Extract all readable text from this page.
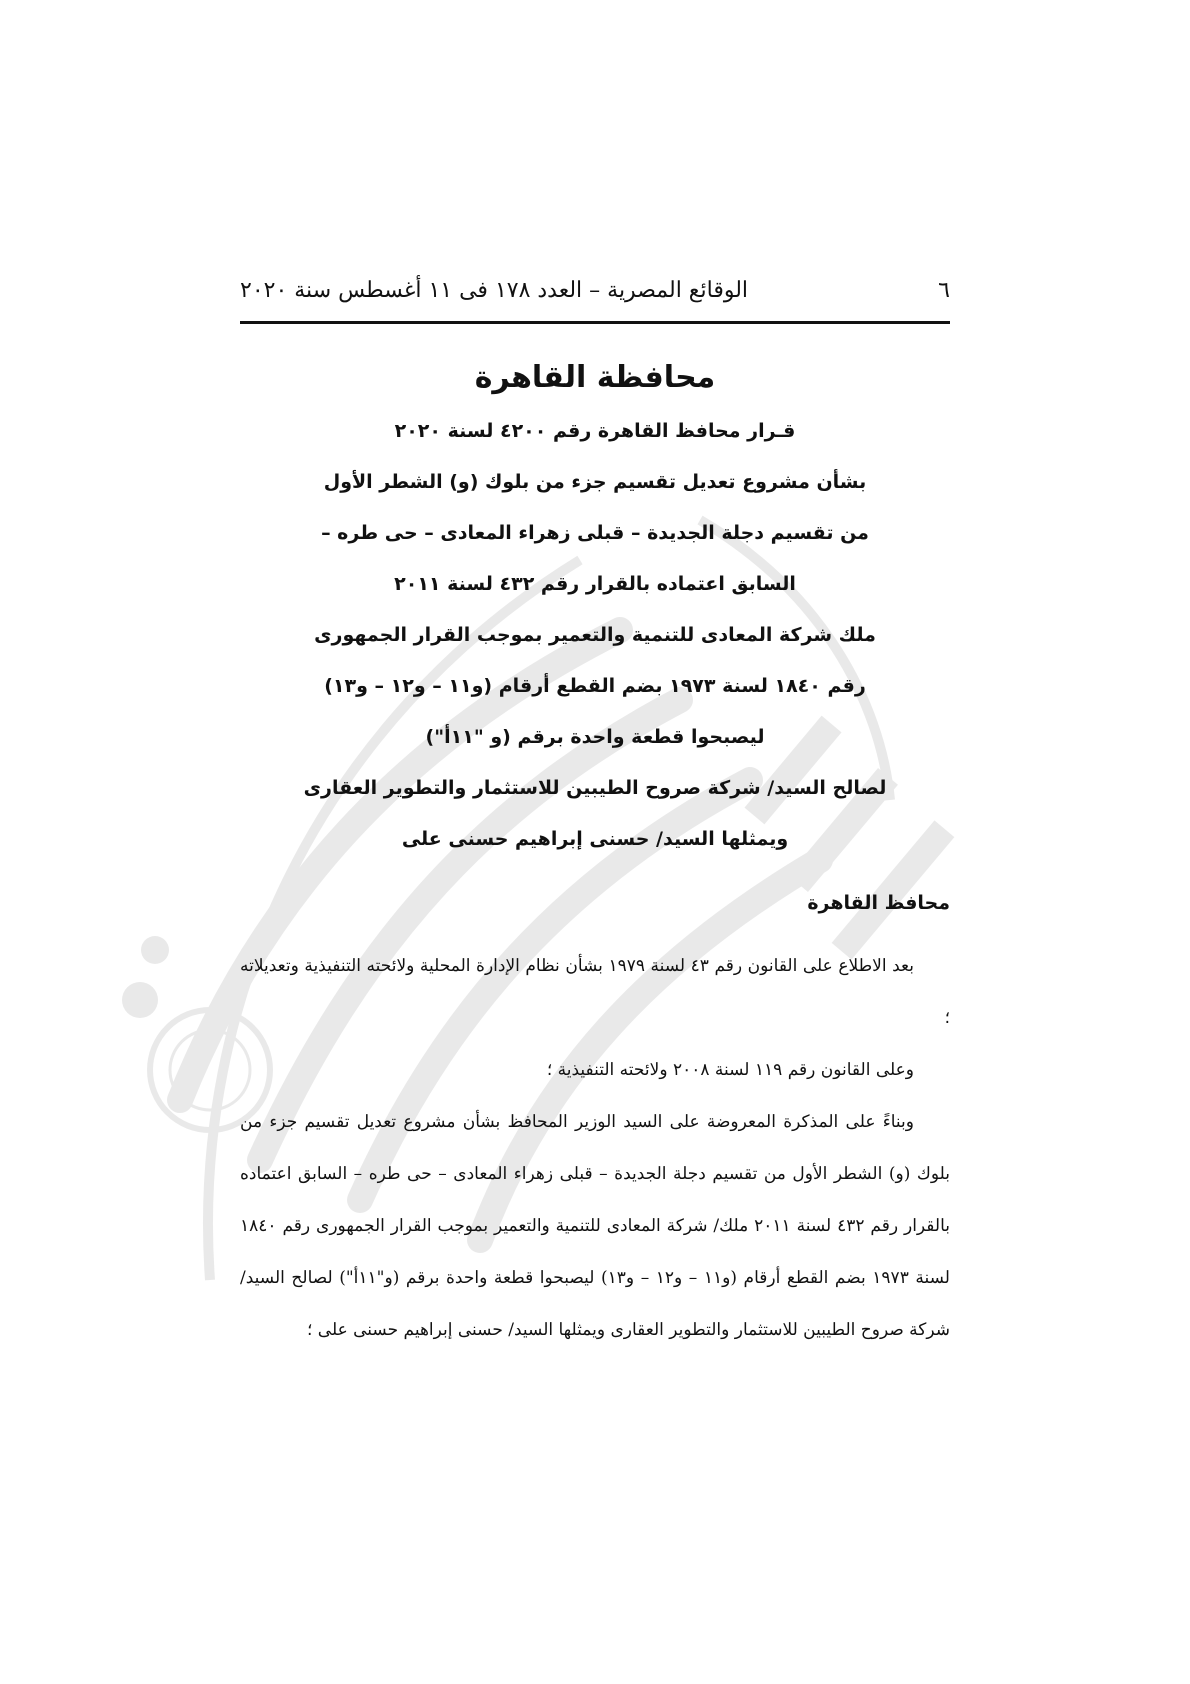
٦
الوقائع المصرية – العدد ١٧٨ فى ١١ أغسطس سنة ٢٠٢٠
محافظة القاهرة
قـرار محافظ القاهرة رقم ٤٢٠٠ لسنة ٢٠٢٠
بشأن مشروع تعديل تقسيم جزء من بلوك (و) الشطر الأول
من تقسيم دجلة الجديدة – قبلى زهراء المعادى – حى طره –
السابق اعتماده بالقرار رقم ٤٣٢ لسنة ٢٠١١
ملك شركة المعادى للتنمية والتعمير بموجب القرار الجمهورى
رقم ١٨٤٠ لسنة ١٩٧٣ بضم القطع أرقام (و١١ – و١٢ – و١٣)
ليصبحوا قطعة واحدة برقم (و "١١أ")
لصالح السيد/ شركة صروح الطيبين للاستثمار والتطوير العقارى
ويمثلها السيد/ حسنى إبراهيم حسنى على
محافظ القاهرة

بعد الاطلاع على القانون رقم ٤٣ لسنة ١٩٧٩ بشأن نظام الإدارة المحلية ولائحته التنفيذية وتعديلاته ؛

وعلى القانون رقم ١١٩ لسنة ٢٠٠٨ ولائحته التنفيذية ؛

وبناءً على المذكرة المعروضة على السيد الوزير المحافظ بشأن مشروع تعديل تقسيم جزء من بلوك (و) الشطر الأول من تقسيم دجلة الجديدة – قبلى زهراء المعادى – حى طره – السابق اعتماده بالقرار رقم ٤٣٢ لسنة ٢٠١١ ملك/ شركة المعادى للتنمية والتعمير بموجب القرار الجمهورى رقم ١٨٤٠ لسنة ١٩٧٣ بضم القطع أرقام (و١١ – و١٢ – و١٣) ليصبحوا قطعة واحدة برقم (و"١١أ") لصالح السيد/ شركة صروح الطيبين للاستثمار والتطوير العقارى ويمثلها السيد/ حسنى إبراهيم حسنى على ؛
